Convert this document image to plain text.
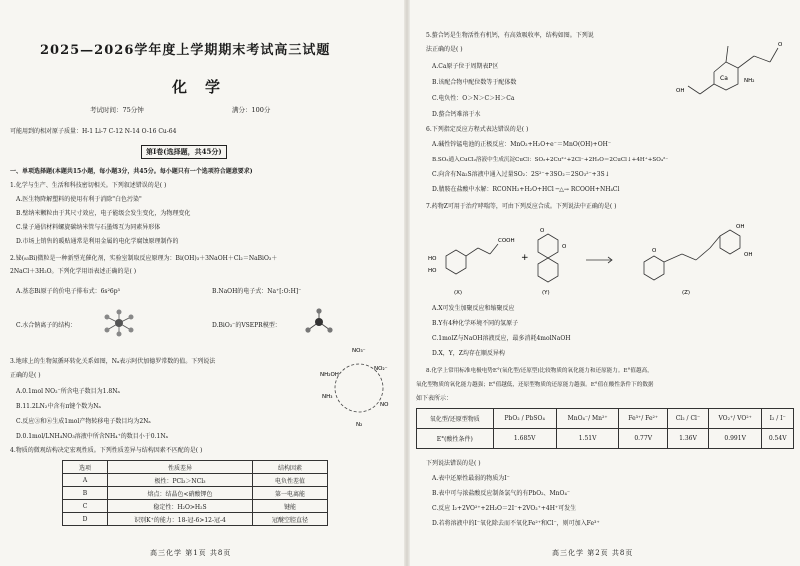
2025—2026学年度上学期期末考试高三试题
化学
考试时间：75分钟	满分：100分
可能用到的相对原子质量：H-1 Li-7 C-12 N-14 O-16 Cu-64
第Ⅰ卷(选择题，共45分)
一、单项选择题(本题共15小题，每小题3分，共45分。每小题只有一个选项符合题意要求)
1.化学与生产、生活和科技密切相关。下列叙述错误的是( )
A.医生物降解塑料的使用有利于消除"白色污染"
B.壁纳米颗粒由于其尺寸效应，电子能级会发生变化，为物理变化
C.量子通信材料螺旋碳纳米管与石墨烯互为同素异形体
D.市场上销售的暖贴通常是利用金属的电化学腐蚀原理制作的
2.铋(₈₃Bi)微粒是一种新型光催化剂，实验室制取反应原理为：Bi(OH)₃＋3NaOH＋Cl₂＝NaBiO₃＋
2NaCl＋3H₂O。下列化学用语表述正确的是( )
A.基态Bi原子的价电子排布式：6s²6p³	B.NaOH的电子式：Na⁺[:O:H]⁻
C.水合钠离子的结构：	D.BiO₃⁻的VSEPR模型：
3.地球上的生物氮循环转化关系如图，Nₐ表示阿伏加德罗常数的值。下列说法
正确的是( )
A.0.1mol NO₂⁻所含电子数目为1.8Nₐ
B.11.2LN₂中含有π键个数为Nₐ
C.反应③和⑥生成1mol产物转移电子数目均为2Nₐ
D.0.1mol/LNH₄NO₃溶液中所含NH₄⁺的数目小于0.1Nₐ
NO₃⁻
NO₂⁻
NH₂OH
NH₃
N₂
NO
4.物质的微观结构决定宏观性质。下列性质差异与结构因素不匹配的是( )
选项	性质差异	结构因素
A	极性：PCl₃＞NCl₃	电负性差值
B	熔点：结晶色<硝酸钾色	第一电离能
C	稳定性：H₂O>H₂S	键能
D	识别K⁺的能力：18-冠-6>12-冠-4	冠醚空腔直径
高三化学 第1页 共8页
5.螯合钙是生物活性有机钙，有高效吸收率，结构如图。下列说
法正确的是( )
A.Ca原子位于周期表P区
B.该配合物中配位数等于配体数
C.电负性：O＞N＞C＞H＞Ca
D.螯合钙难溶于水
Ca	NH₂
OH
O
6.下列指定反应方程式表达错误的是( )
A.碱性锌锰电池的正极反应：MnO₂+H₂O+e⁻＝MnO(OH)+OH⁻
B.SO₂通入CuCl₂溶液中生成沉淀CuCl：SO₂+2Cu²⁺+2Cl⁻+2H₂O＝2CuCl↓+4H⁺+SO₄²⁻
C.向含有Na₂S溶液中通入过量SO₂：2S²⁻+3SO₂＝2SO₃²⁻+3S↓
D.腈胺在盐酸中水解：RCONH₂+H₂O+HCl ─△→ RCOOH+NH₄Cl
7.药物Z可用于治疗哮喘等，可由下列反应合成。下列说法中正确的是( )
+
HO
HO
COOH
OH
OH
O
O
O
(X)	(Y)	(Z)
A.X可发生加聚反应和缩聚反应
B.Y有4种化学环境不同的氢原子
C.1molZ与NaOH溶液反应，最多消耗4molNaOH
D.X，Y，Z均存在顺反异构
8.化学上常用标准电极电势E°(氧化型/还原型)比较物质的氧化能力和还原能力。E°值越高，
氧化型物质的氧化能力越强；E°值越低，还原型物质的还原能力越强。E°值在酸性条件下的数据
如下表所示：
氧化型/还原型物质	PbO₂ / PbSO₄	MnO₄⁻/ Mn²⁺	Fe³⁺/ Fe²⁺	Cl₂ / Cl⁻	VO₂⁺/ VO²⁺	I₂ / I⁻
E°(酸性条件)	1.685V	1.51V	0.77V	1.36V	0.991V	0.54V
下列说法错误的是( )
A.表中还原性最弱的物质为I⁻
B.表中可与浓盐酸反应制备氯气的有PbO₂、MnO₄⁻
C.反应 I₂+2VO²⁺+2H₂O＝2I⁻+2VO₂⁺+4H⁺可发生
D.若将溶液中的I⁻氧化除去而不氧化Fe²⁺和Cl⁻，则可加入Fe³⁺
高三化学 第2页 共8页
